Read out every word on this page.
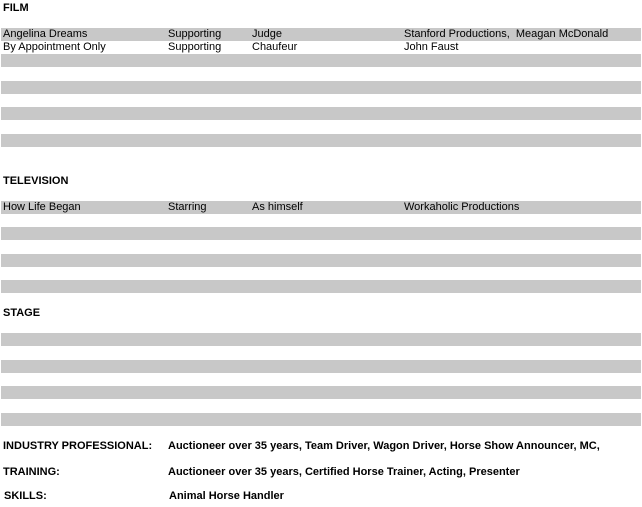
FILM
Angelina Dreams	Supporting	Judge	Stanford Productions,  Meagan McDonald
By Appointment Only	Supporting	Chaufeur	John Faust
TELEVISION
How Life Began	Starring	As himself	Workaholic Productions
STAGE
INDUSTRY PROFESSIONAL: Auctioneer over 35 years, Team Driver, Wagon Driver, Horse Show Announcer, MC,
TRAINING:	Auctioneer over 35 years, Certified Horse Trainer, Acting, Presenter
SKILLS:	Animal Horse Handler
